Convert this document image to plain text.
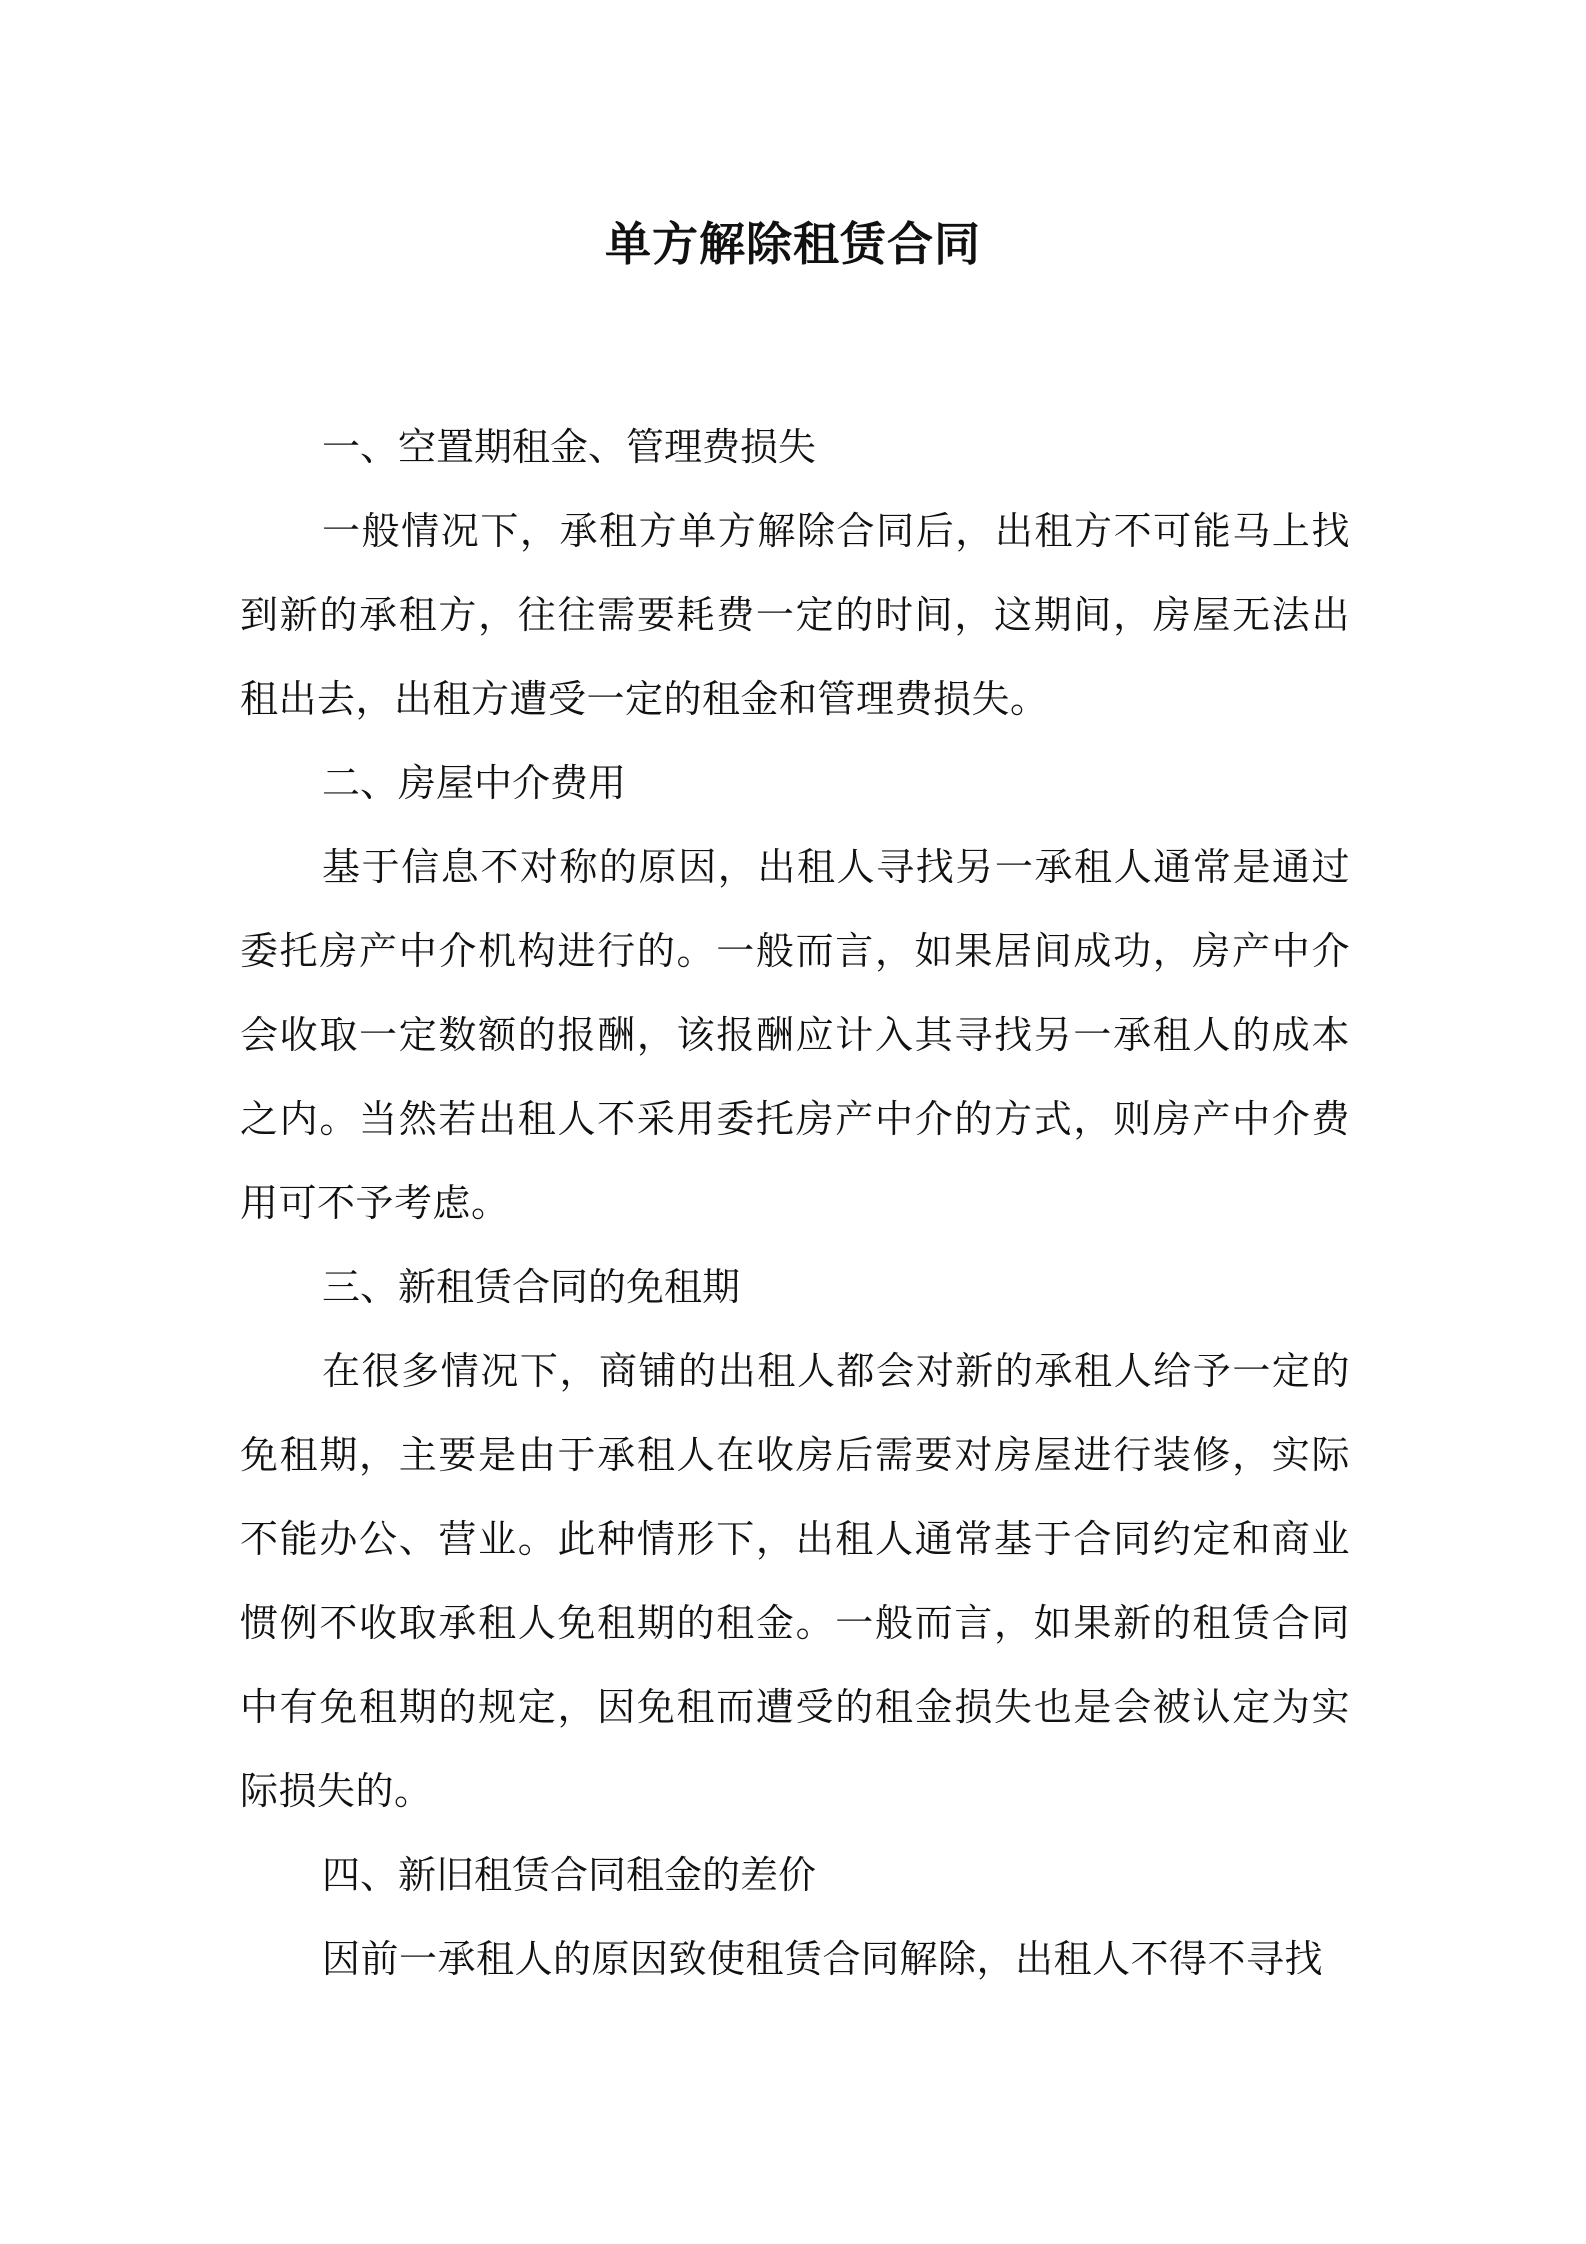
单方解除租赁合同
一、空置期租金、管理费损失

一般情况下，承租方单方解除合同后，出租方不可能马上找到新的承租方，往往需要耗费一定的时间，这期间，房屋无法出租出去，出租方遭受一定的租金和管理费损失。

二、房屋中介费用

基于信息不对称的原因，出租人寻找另一承租人通常是通过委托房产中介机构进行的。一般而言，如果居间成功，房产中介会收取一定数额的报酬，该报酬应计入其寻找另一承租人的成本之内。当然若出租人不采用委托房产中介的方式，则房产中介费用可不予考虑。

三、新租赁合同的免租期

在很多情况下，商铺的出租人都会对新的承租人给予一定的免租期，主要是由于承租人在收房后需要对房屋进行装修，实际不能办公、营业。此种情形下，出租人通常基于合同约定和商业惯例不收取承租人免租期的租金。一般而言，如果新的租赁合同中有免租期的规定，因免租而遭受的租金损失也是会被认定为实际损失的。

四、新旧租赁合同租金的差价

因前一承租人的原因致使租赁合同解除，出租人不得不寻找
